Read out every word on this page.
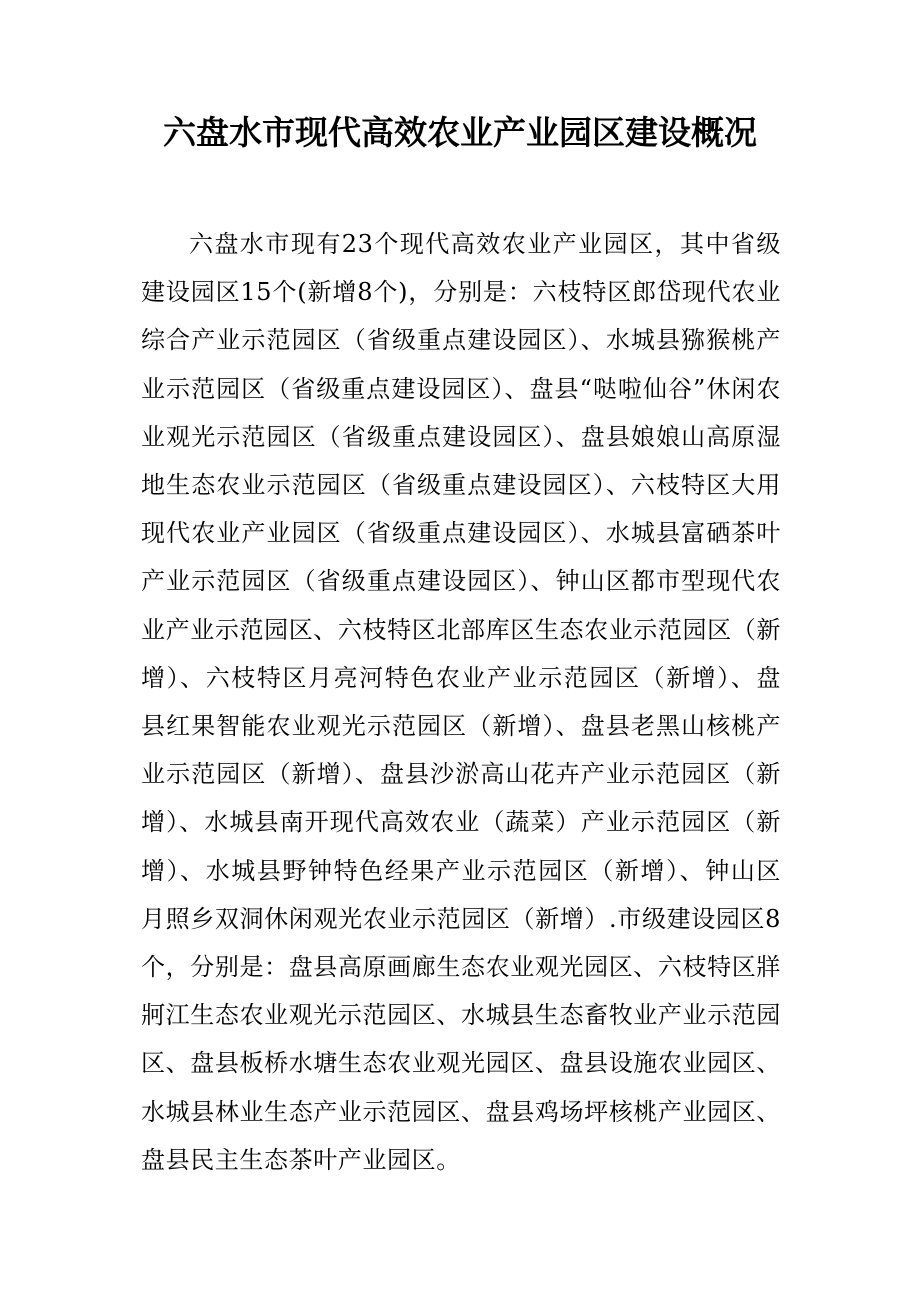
六盘水市现代高效农业产业园区建设概况

六盘水市现有23个现代高效农业产业园区，其中省级建设园区15个(新增8个)，分别是：六枝特区郎岱现代农业综合产业示范园区（省级重点建设园区）、水城县猕猴桃产业示范园区（省级重点建设园区）、盘县“哒啦仙谷”休闲农业观光示范园区（省级重点建设园区）、盘县娘娘山高原湿地生态农业示范园区（省级重点建设园区）、六枝特区大用现代农业产业园区（省级重点建设园区）、水城县富硒茶叶产业示范园区（省级重点建设园区）、钟山区都市型现代农业产业示范园区、六枝特区北部库区生态农业示范园区（新增）、六枝特区月亮河特色农业产业示范园区（新增）、盘县红果智能农业观光示范园区（新增）、盘县老黑山核桃产业示范园区（新增）、盘县沙淤高山花卉产业示范园区（新增）、水城县南开现代高效农业（蔬菜）产业示范园区（新增）、水城县野钟特色经果产业示范园区（新增）、钟山区月照乡双洞休闲观光农业示范园区（新增）.市级建设园区8个，分别是：盘县高原画廊生态农业观光园区、六枝特区牂牁江生态农业观光示范园区、水城县生态畜牧业产业示范园区、盘县板桥水塘生态农业观光园区、盘县设施农业园区、水城县林业生态产业示范园区、盘县鸡场坪核桃产业园区、盘县民主生态茶叶产业园区。
